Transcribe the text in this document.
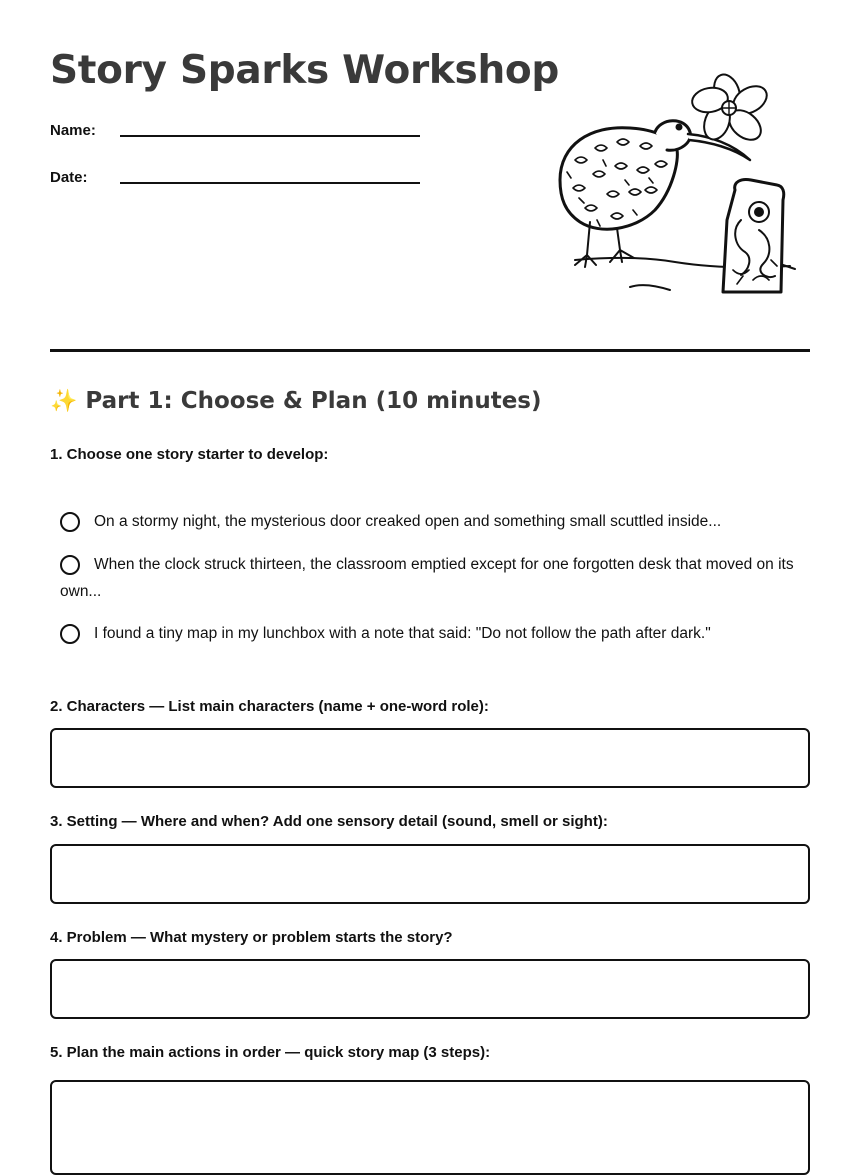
Story Sparks Workshop
Name:
Date:
✨ Part 1: Choose & Plan (10 minutes)
1. Choose one story starter to develop:
On a stormy night, the mysterious door creaked open and something small scuttled inside...
When the clock struck thirteen, the classroom emptied except for one forgotten desk that moved on its own...
I found a tiny map in my lunchbox with a note that said: "Do not follow the path after dark."
2. Characters — List main characters (name + one-word role):
3. Setting — Where and when? Add one sensory detail (sound, smell or sight):
4. Problem — What mystery or problem starts the story?
5. Plan the main actions in order — quick story map (3 steps):
